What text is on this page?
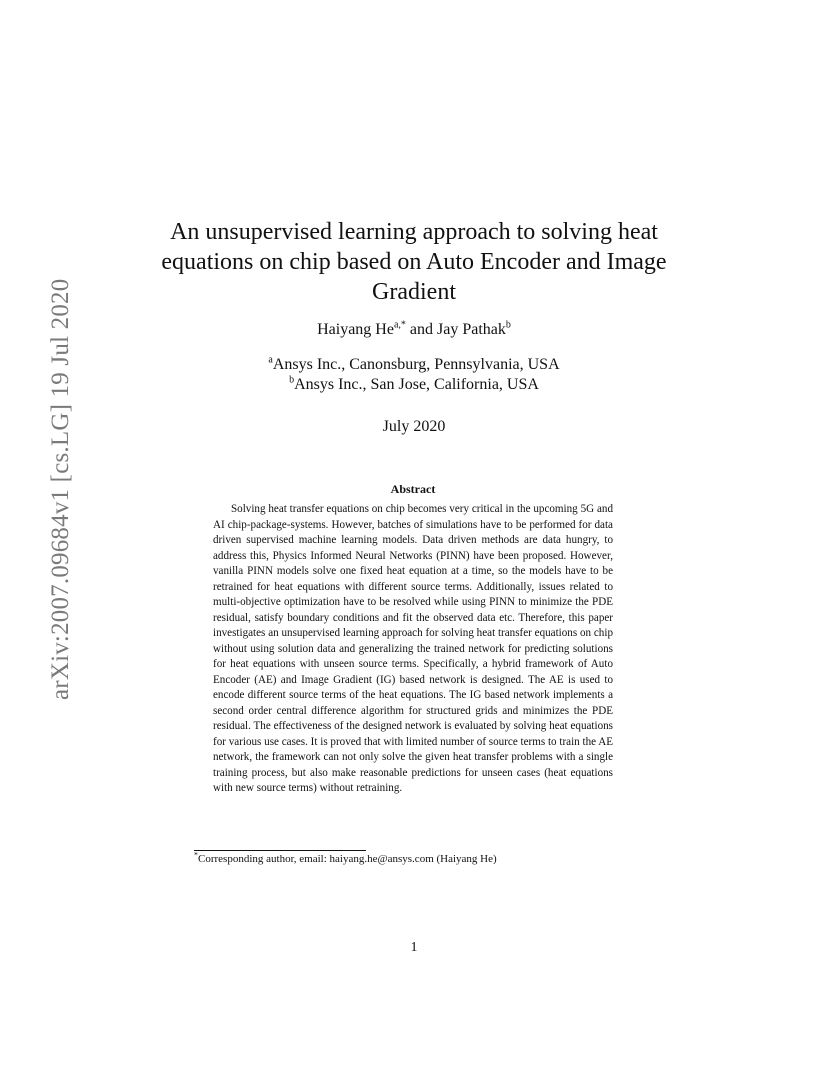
arXiv:2007.09684v1 [cs.LG] 19 Jul 2020
An unsupervised learning approach to solving heat equations on chip based on Auto Encoder and Image Gradient
Haiyang $He^{a,*}$ and Jay Pathak$^b$
$^a$Ansys Inc., Canonsburg, Pennsylvania, USA
$^b$Ansys Inc., San Jose, California, USA
July 2020
Abstract
Solving heat transfer equations on chip becomes very critical in the upcoming 5G and AI chip-package-systems. However, batches of simulations have to be performed for data driven supervised machine learning models. Data driven methods are data hungry, to address this, Physics Informed Neural Networks (PINN) have been proposed. However, vanilla PINN models solve one fixed heat equation at a time, so the models have to be retrained for heat equations with different source terms. Additionally, issues related to multi-objective optimization have to be resolved while using PINN to minimize the PDE residual, satisfy boundary conditions and fit the observed data etc. Therefore, this paper investigates an unsupervised learning approach for solving heat transfer equations on chip without using solution data and generalizing the trained network for predicting solutions for heat equations with unseen source terms. Specifically, a hybrid framework of Auto Encoder (AE) and Image Gradient (IG) based network is designed. The AE is used to encode different source terms of the heat equations. The IG based network implements a second order central difference algorithm for structured grids and minimizes the PDE residual. The effectiveness of the designed network is evaluated by solving heat equations for various use cases. It is proved that with limited number of source terms to train the AE network, the framework can not only solve the given heat transfer problems with a single training process, but also make reasonable predictions for unseen cases (heat equations with new source terms) without retraining.
*Corresponding author, email: haiyang.he@ansys.com (Haiyang He)
1
